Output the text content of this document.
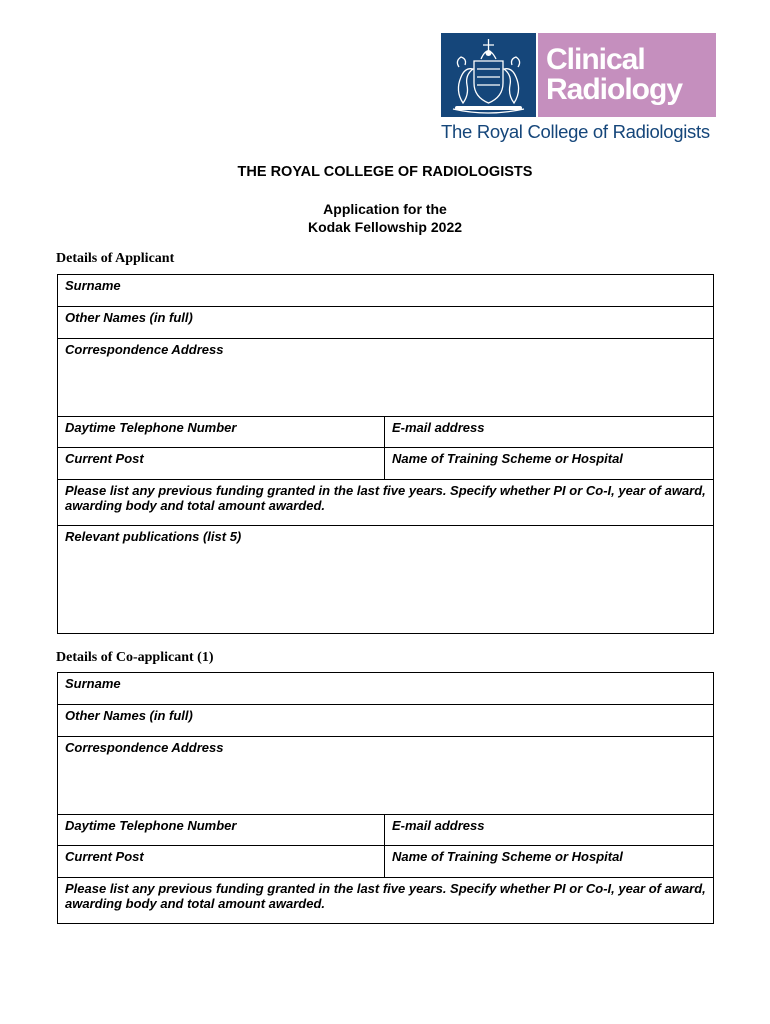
Clinical
Radiology
The Royal College of Radiologists
THE ROYAL COLLEGE OF RADIOLOGISTS
Application for the
Kodak Fellowship 2022
Details of Applicant
Surname
Other Names (in full)
Correspondence Address
Daytime Telephone Number	E-mail address
Current Post	Name of Training Scheme or Hospital
Please list any previous funding granted in the last five years. Specify whether PI or Co-I, year of award, awarding body and total amount awarded.
Relevant publications (list 5)
Details of Co-applicant (1)
Surname
Other Names (in full)
Correspondence Address
Daytime Telephone Number	E-mail address
Current Post	Name of Training Scheme or Hospital
Please list any previous funding granted in the last five years. Specify whether PI or Co-I, year of award, awarding body and total amount awarded.
